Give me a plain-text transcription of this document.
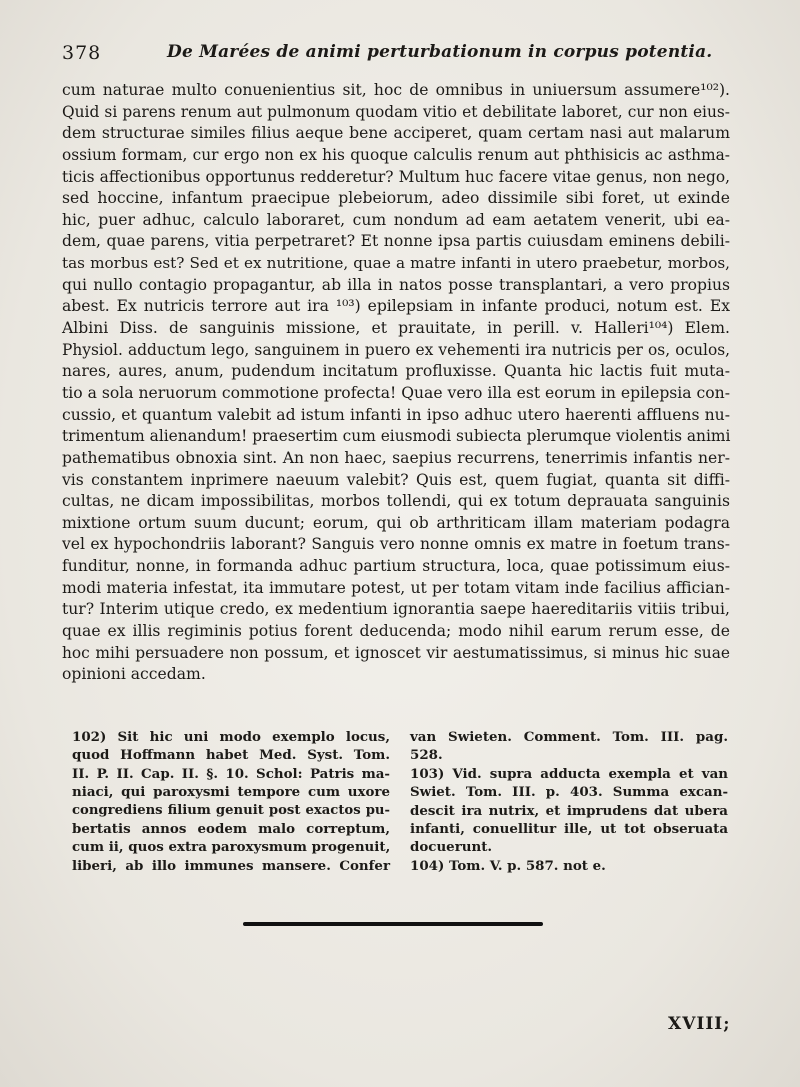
378	De Marées de animi perturbationum in corpus potentia.
cum naturae multo conuenientius sit, hoc de omnibus in uniuersum assumere¹⁰²).
Quid si parens renum aut pulmonum quodam vitio et debilitate laboret, cur non eius-
dem structurae similes filius aeque bene acciperet, quam certam nasi aut malarum
ossium formam, cur ergo non ex his quoque calculis renum aut phthisicis ac asthma-
ticis affectionibus opportunus redderetur? Multum huc facere vitae genus, non nego,
sed hoccine, infantum praecipue plebeiorum, adeo dissimile sibi foret, ut exinde
hic, puer adhuc, calculo laboraret, cum nondum ad eam aetatem venerit, ubi ea-
dem, quae parens, vitia perpetraret? Et nonne ipsa partis cuiusdam eminens debili-
tas morbus est? Sed et ex nutritione, quae a matre infanti in utero praebetur, morbos,
qui nullo contagio propagantur, ab illa in natos posse transplantari, a vero propius
abest. Ex nutricis terrore aut ira ¹⁰³) epilepsiam in infante produci, notum est. Ex
Albini Diss. de sanguinis missione, et prauitate, in perill. v. Halleri¹⁰⁴) Elem.
Physiol. adductum lego, sanguinem in puero ex vehementi ira nutricis per os, oculos,
nares, aures, anum, pudendum incitatum profluxisse. Quanta hic lactis fuit muta-
tio a sola neruorum commotione profecta! Quae vero illa est eorum in epilepsia con-
cussio, et quantum valebit ad istum infanti in ipso adhuc utero haerenti affluens nu-
trimentum alienandum! praesertim cum eiusmodi subiecta plerumque violentis animi
pathematibus obnoxia sint. An non haec, saepius recurrens, tenerrimis infantis ner-
vis constantem inprimere naeuum valebit? Quis est, quem fugiat, quanta sit diffi-
cultas, ne dicam impossibilitas, morbos tollendi, qui ex totum deprauata sanguinis
mixtione ortum suum ducunt; eorum, qui ob arthriticam illam materiam podagra
vel ex hypochondriis laborant? Sanguis vero nonne omnis ex matre in foetum trans-
funditur, nonne, in formanda adhuc partium structura, loca, quae potissimum eius-
modi materia infestat, ita immutare potest, ut per totam vitam inde facilius affician-
tur? Interim utique credo, ex medentium ignorantia saepe haereditariis vitiis tribui,
quae ex illis regiminis potius forent deducenda; modo nihil earum rerum esse, de
hoc mihi persuadere non possum, et ignoscet vir aestumatissimus, si minus hic suae
opinioni accedam.
102) Sit hic uni modo exemplo locus,
quod Hoffmann habet Med. Syst. Tom.
II. P. II. Cap. II. §. 10. Schol: Patris ma-
niaci, qui paroxysmi tempore cum uxore
congrediens filium genuit post exactos pu-
bertatis annos eodem malo correptum,
cum ii, quos extra paroxysmum progenuit,
liberi, ab illo immunes mansere. Confer
van Swieten. Comment. Tom. III. pag.
528.
103) Vid. supra adducta exempla et van
Swiet. Tom. III. p. 403. Summa excan-
descit ira nutrix, et imprudens dat ubera
infanti, conuellitur ille, ut tot obseruata
docuerunt.
104) Tom. V. p. 587. not e.
XVIII;
